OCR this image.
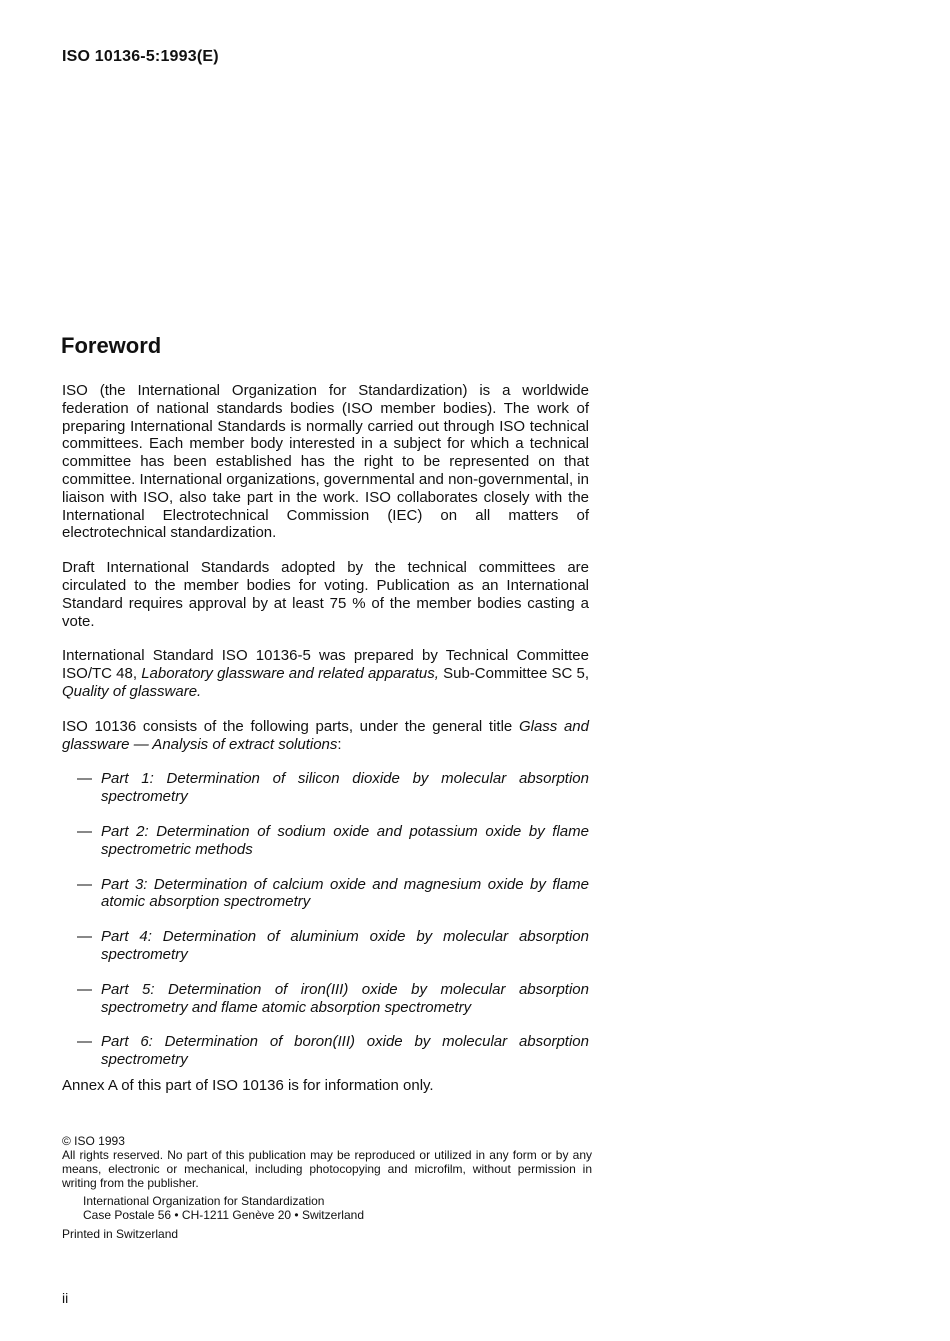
ISO 10136-5:1993(E)
Foreword

ISO (the International Organization for Standardization) is a worldwide federation of national standards bodies (ISO member bodies). The work of preparing International Standards is normally carried out through ISO technical committees. Each member body interested in a subject for which a technical committee has been established has the right to be represented on that committee. International organizations, governmental and non-governmental, in liaison with ISO, also take part in the work. ISO collaborates closely with the International Electrotechnical Commission (IEC) on all matters of electrotechnical standardization.

Draft International Standards adopted by the technical committees are circulated to the member bodies for voting. Publication as an International Standard requires approval by at least 75 % of the member bodies casting a vote.

International Standard ISO 10136-5 was prepared by Technical Committee ISO/TC 48, Laboratory glassware and related apparatus, Sub-Committee SC 5, Quality of glassware.

ISO 10136 consists of the following parts, under the general title Glass and glassware — Analysis of extract solutions:

— Part 1: Determination of silicon dioxide by molecular absorption spectrometry
— Part 2: Determination of sodium oxide and potassium oxide by flame spectrometric methods
— Part 3: Determination of calcium oxide and magnesium oxide by flame atomic absorption spectrometry
— Part 4: Determination of aluminium oxide by molecular absorption spectrometry
— Part 5: Determination of iron(III) oxide by molecular absorption spectrometry and flame atomic absorption spectrometry
— Part 6: Determination of boron(III) oxide by molecular absorption spectrometry

Annex A of this part of ISO 10136 is for information only.

© ISO 1993

All rights reserved. No part of this publication may be reproduced or utilized in any form or by any means, electronic or mechanical, including photocopying and microfilm, without permission in writing from the publisher.

International Organization for Standardization
Case Postale 56 • CH-1211 Genève 20 • Switzerland

Printed in Switzerland

ii
